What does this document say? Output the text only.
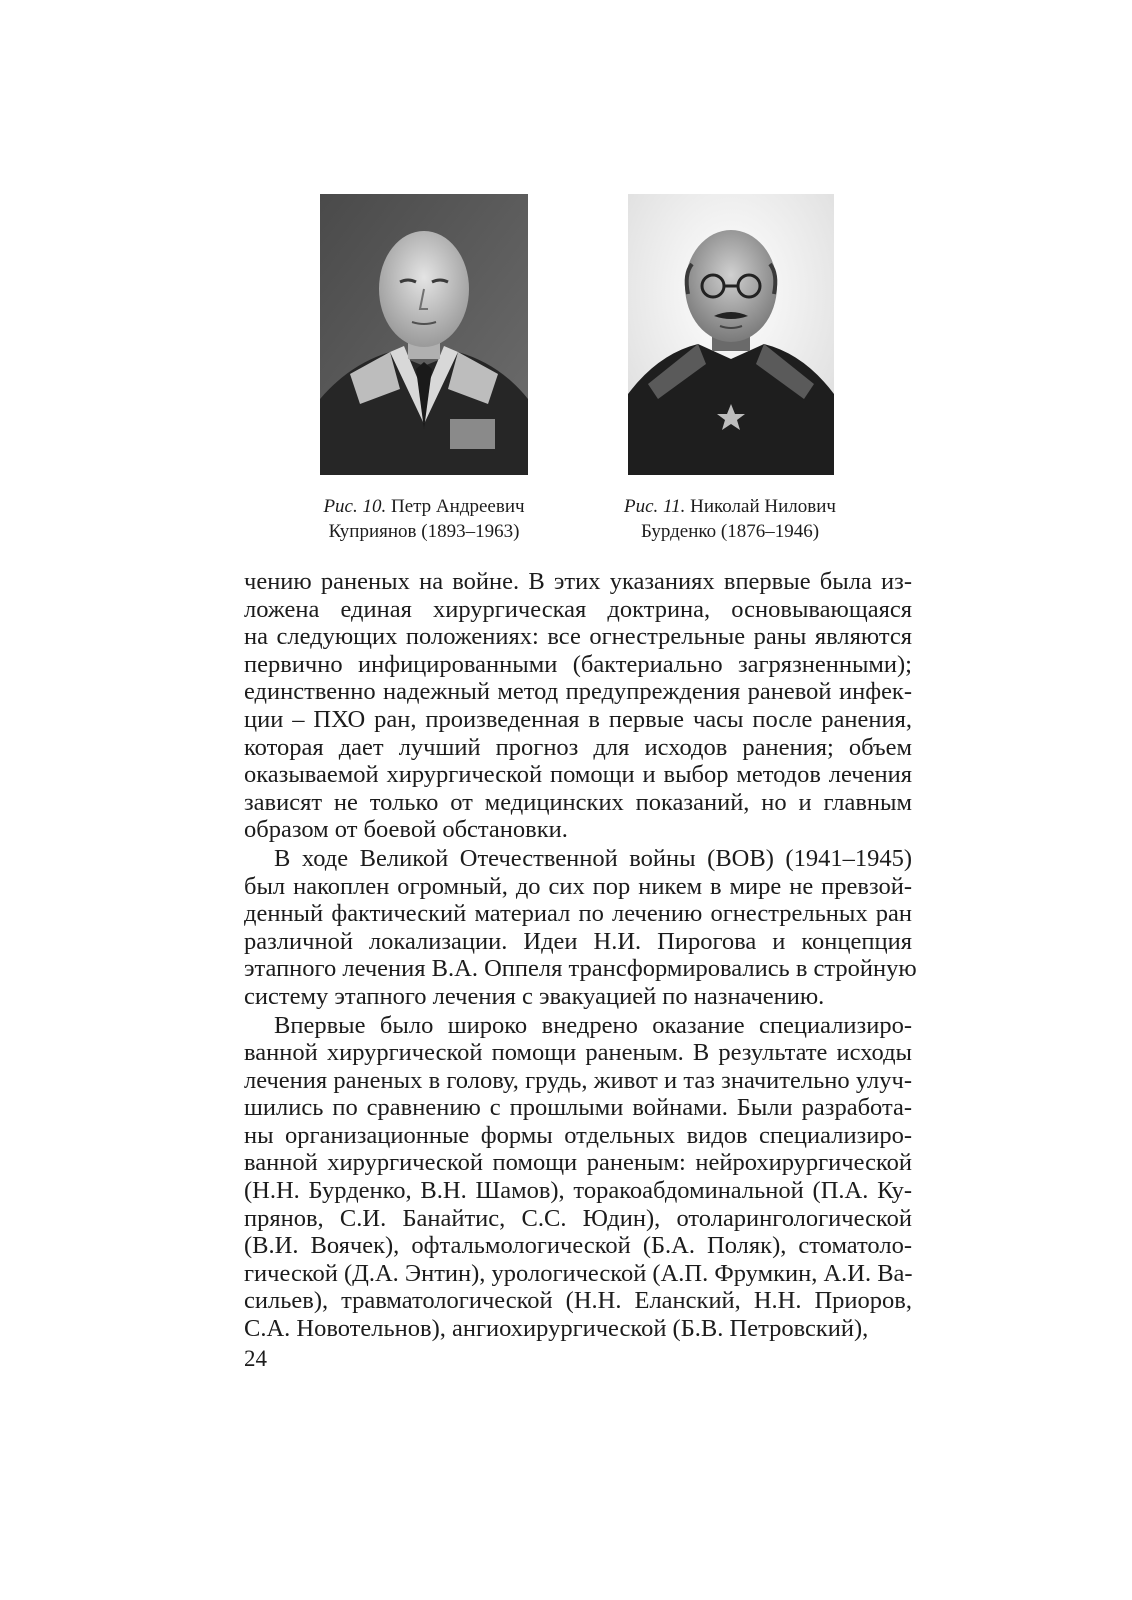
Рис. 10. Петр Андреевич
Куприянов (1893–1963)
Рис. 11. Николай Нилович
Бурденко (1876–1946)
чению раненых на войне. В этих указаниях впервые была из-
ложена единая хирургическая доктрина, основывающаяся
на следующих положениях: все огнестрельные раны являются
первично инфицированными (бактериально загрязненными);
единственно надежный метод предупреждения раневой инфек-
ции – ПХО ран, произведенная в первые часы после ранения,
которая дает лучший прогноз для исходов ранения; объем
оказываемой хирургической помощи и выбор методов лечения
зависят не только от медицинских показаний, но и главным
образом от боевой обстановки.
В ходе Великой Отечественной войны (ВОВ) (1941–1945)
был накоплен огромный, до сих пор никем в мире не превзой-
денный фактический материал по лечению огнестрельных ран
различной локализации. Идеи Н.И. Пирогова и концепция
этапного лечения В.А. Оппеля трансформировались в стройную
систему этапного лечения с эвакуацией по назначению.
Впервые было широко внедрено оказание специализиро-
ванной хирургической помощи раненым. В результате исходы
лечения раненых в голову, грудь, живот и таз значительно улуч-
шились по сравнению с прошлыми войнами. Были разработа-
ны организационные формы отдельных видов специализиро-
ванной хирургической помощи раненым: нейрохирургической
(Н.Н. Бурденко, В.Н. Шамов), торакоабдоминальной (П.А. Ку-
прянов, С.И. Банайтис, С.С. Юдин), отоларингологической
(В.И. Воячек), офтальмологической (Б.А. Поляк), стоматоло-
гической (Д.А. Энтин), урологической (А.П. Фрумкин, А.И. Ва-
сильев), травматологической (Н.Н. Еланский, Н.Н. Приоров,
С.А. Новотельнов), ангиохирургической (Б.В. Петровский),
24
